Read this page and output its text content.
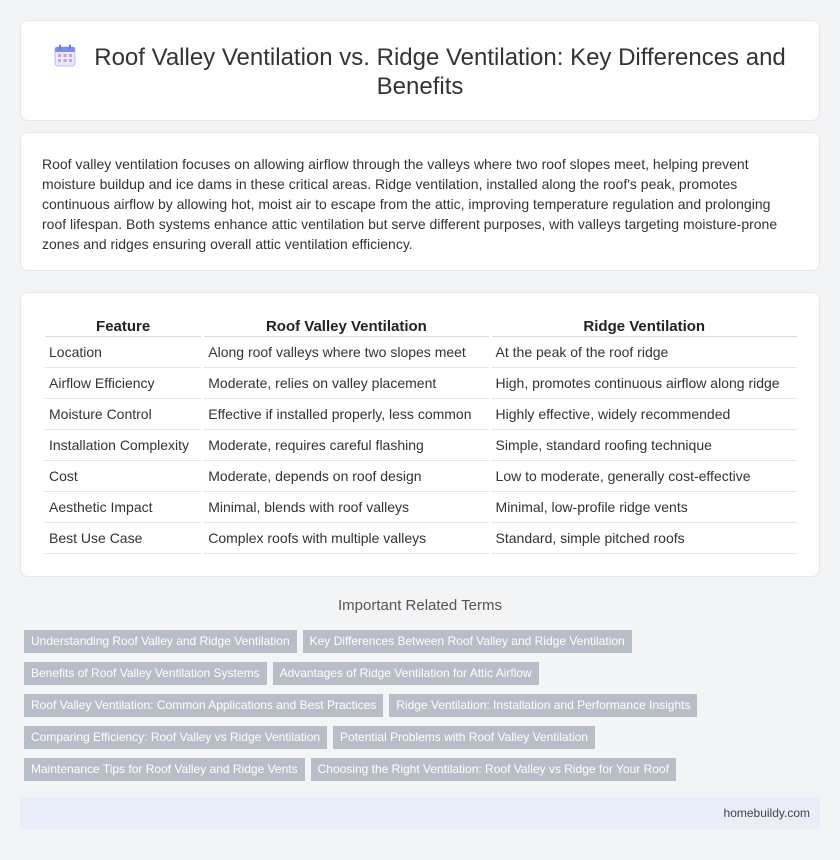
Roof Valley Ventilation vs. Ridge Ventilation: Key Differences and Benefits

Roof valley ventilation focuses on allowing airflow through the valleys where two roof slopes meet, helping prevent moisture buildup and ice dams in these critical areas. Ridge ventilation, installed along the roof's peak, promotes continuous airflow by allowing hot, moist air to escape from the attic, improving temperature regulation and prolonging roof lifespan. Both systems enhance attic ventilation but serve different purposes, with valleys targeting moisture-prone zones and ridges ensuring overall attic ventilation efficiency.

Feature	Roof Valley Ventilation	Ridge Ventilation
Location	Along roof valleys where two slopes meet	At the peak of the roof ridge
Airflow Efficiency	Moderate, relies on valley placement	High, promotes continuous airflow along ridge
Moisture Control	Effective if installed properly, less common	Highly effective, widely recommended
Installation Complexity	Moderate, requires careful flashing	Simple, standard roofing technique
Cost	Moderate, depends on roof design	Low to moderate, generally cost-effective
Aesthetic Impact	Minimal, blends with roof valleys	Minimal, low-profile ridge vents
Best Use Case	Complex roofs with multiple valleys	Standard, simple pitched roofs
Important Related Terms
Understanding Roof Valley and Ridge Ventilation Key Differences Between Roof Valley and Ridge Ventilation
Benefits of Roof Valley Ventilation Systems Advantages of Ridge Ventilation for Attic Airflow
Roof Valley Ventilation: Common Applications and Best Practices Ridge Ventilation: Installation and Performance Insights
Comparing Efficiency: Roof Valley vs Ridge Ventilation Potential Problems with Roof Valley Ventilation
Maintenance Tips for Roof Valley and Ridge Vents Choosing the Right Ventilation: Roof Valley vs Ridge for Your Roof
homebuildy.com
